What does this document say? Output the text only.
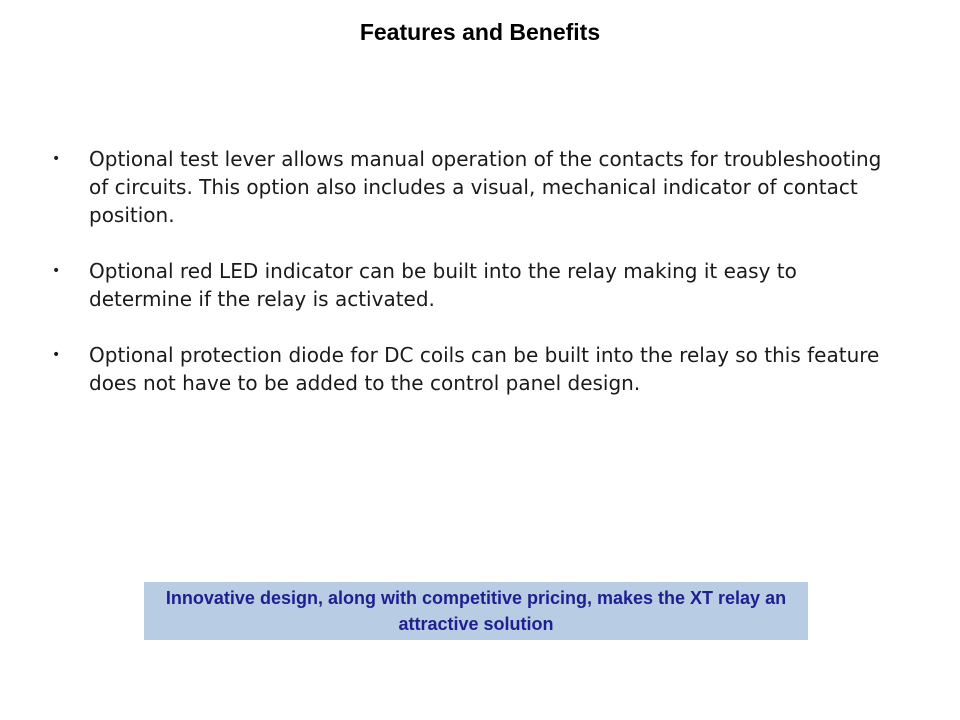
Features and Benefits
• Optional test lever allows manual operation of the contacts for troubleshooting of circuits. This option also includes a visual, mechanical indicator of contact position.
• Optional red LED indicator can be built into the relay making it easy to determine if the relay is activated.
• Optional protection diode for DC coils can be built into the relay so this feature does not have to be added to the control panel design.
Innovative design, along with competitive pricing, makes the XT relay an attractive solution
